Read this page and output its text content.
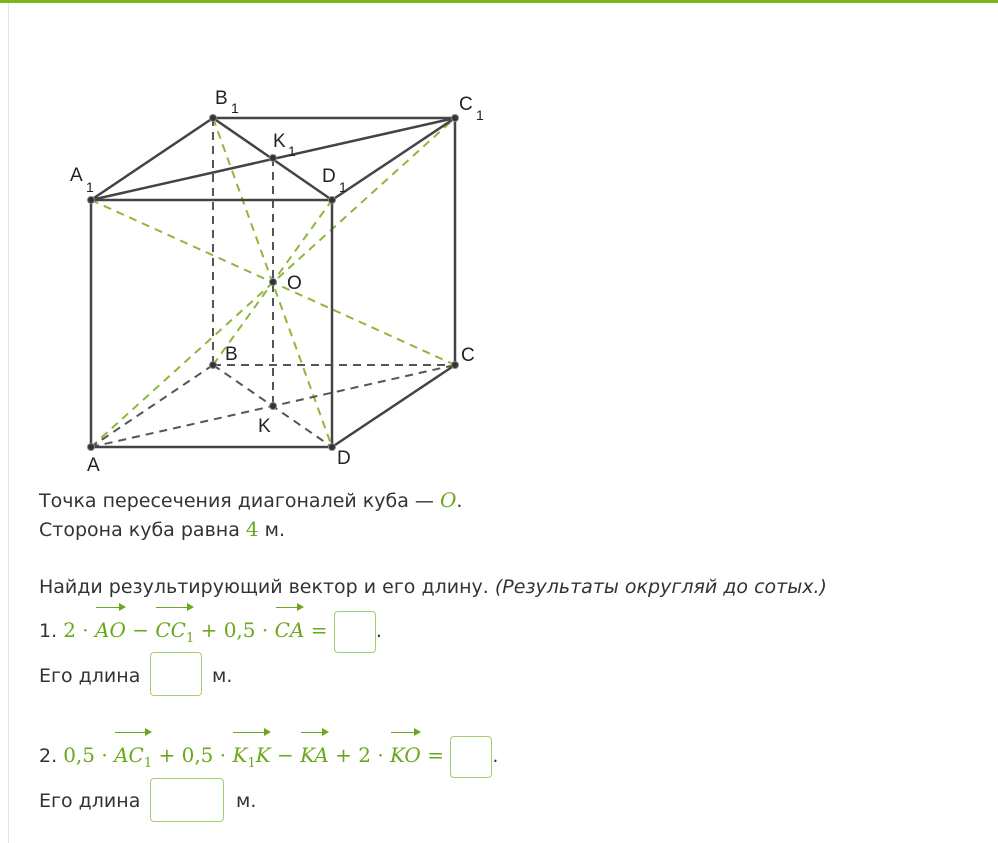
A
B	C
D
K
O
A
1
B 1	C 1
D 1
K 1
Точка пересечения диагоналей куба — O.
Сторона куба равна 4 м.
Найди результирующий вектор и его длину. (Результаты округляй до сотых.)
1. 2 · AO − $CC_1 + 0,5$ · CA =	.
Его длина	м.
2. $0,5 \cdot AC_1 + 0,5 \cdot K_1K$ − KA + 2 · KO =	.
Его длина	м.
